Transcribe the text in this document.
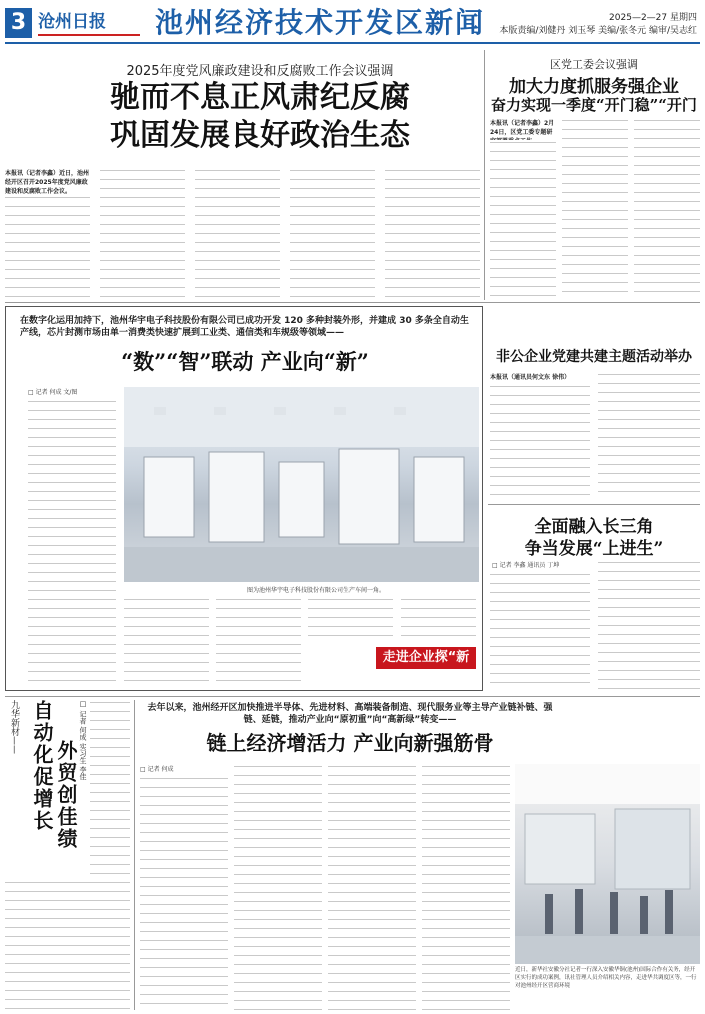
3 沧州日报	池州经济技术开发区新闻	2025—2—27 星期四
本版责编/刘健丹 刘玉琴 美编/张冬元 编审/吴志红
2025年度党风廉政建设和反腐败工作会议强调
驰而不息正风肃纪反腐
巩固发展良好政治生态
本报讯（记者李鑫）近日，池州经开区召开2025年度党风廉政建设和反腐败工作会议。
区党工委会议强调
加大力度抓服务强企业
奋力实现一季度“开门稳”“开门
本报讯（记者李鑫）2月24日，区党工委专题研
在数字化运用加持下，池州华宇电子科技股份有限公司已成功开发 120 多种封装外形，并建成 30 多条全自动生产线，芯片封测市场由单一消费类快速扩展到工业类、通信类和车规级等领域——
“数”“智”联动 产业向“新”
□ 记者 何成 文/图
图为池州华宇电子科技股份有限公司生产车间一角。
走进企业探“新质”
非公企业党建共建主题活动举办
本报讯（通讯员何文东 徐伟）
全面融入长三角
争当发展“上进生”
□ 记者 李鑫 通讯员 丁坤
九华新材—— 自动化促增长 外贸创佳绩
□ 记者 何成 实习生 李佳	去年以来，池州经开区加快推进半导体、先进材料、高端装备制造、现代服务业等主导产业链补链、强链、延链，推动产业向“原初重”向“高新绿”转变——
链上经济增活力 产业向新强筋骨
□ 记者 何成
近日，新华社安徽分社记者一行深入安徽华铜(池州)国际合作有关务，经开区实行的成功案例，讯社管理人员介绍相关内容，走进华共调度区等，一行对池州经开区营商环境
